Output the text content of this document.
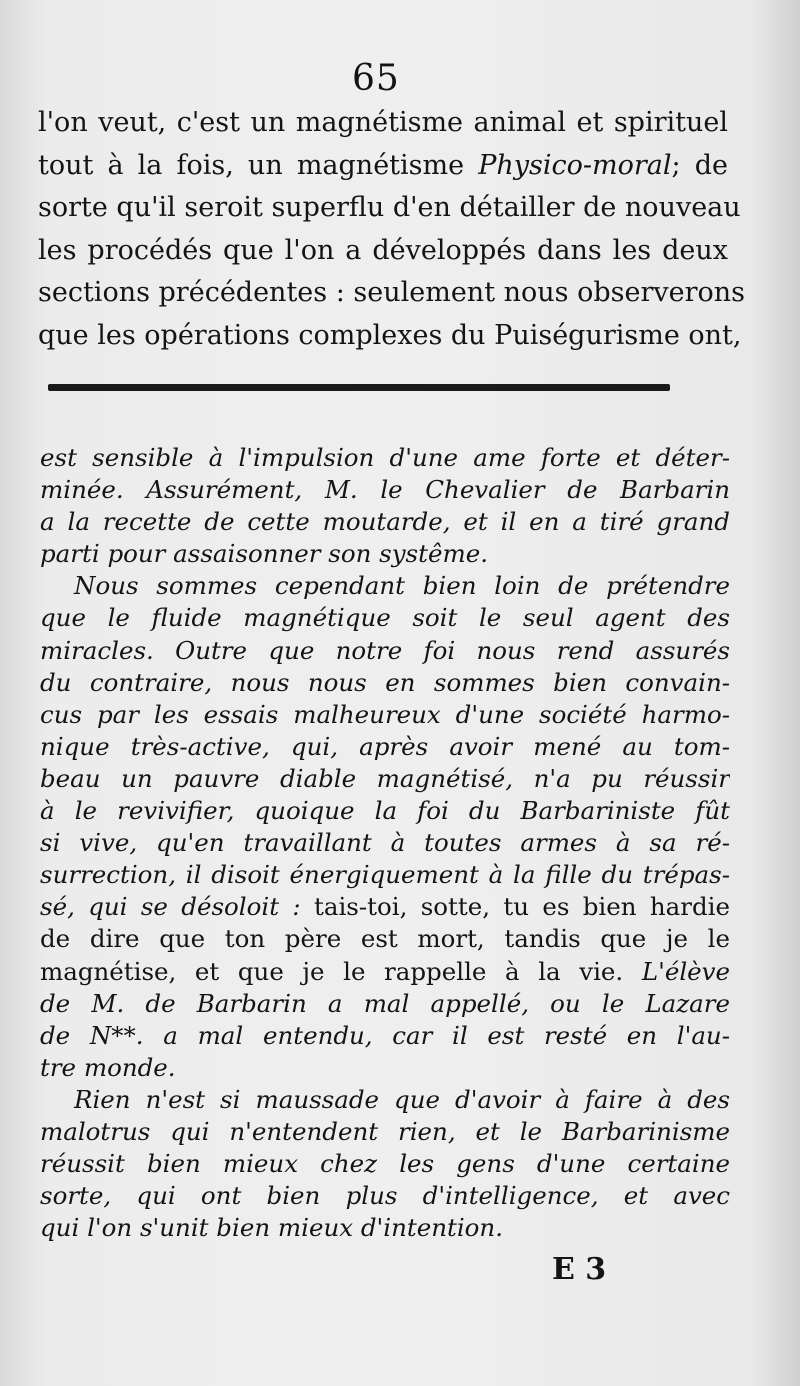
65
l'on veut, c'est un magnétisme animal et spirituel
tout à la fois, un magnétisme Physico-moral; de
sorte qu'il seroit superflu d'en détailler de nouveau
les procédés que l'on a développés dans les deux
sections précédentes : seulement nous observerons
que les opérations complexes du Puiségurisme ont,
est sensible à l'impulsion d'une ame forte et déter-
minée. Assurément, M. le Chevalier de Barbarin
a la recette de cette moutarde, et il en a tiré grand
parti pour assaisonner son systême.
Nous sommes cependant bien loin de prétendre
que le fluide magnétique soit le seul agent des
miracles. Outre que notre foi nous rend assurés
du contraire, nous nous en sommes bien convain-
cus par les essais malheureux d'une société harmo-
nique très-active, qui, après avoir mené au tom-
beau un pauvre diable magnétisé, n'a pu réussir
à le revivifier, quoique la foi du Barbariniste fût
si vive, qu'en travaillant à toutes armes à sa ré-
surrection, il disoit énergiquement à la fille du trépas-
sé, qui se désoloit : tais-toi, sotte, tu es bien hardie
de dire que ton père est mort, tandis que je le
magnétise, et que je le rappelle à la vie. L'élève
de M. de Barbarin a mal appellé, ou le Lazare
de N**. a mal entendu, car il est resté en l'au-
tre monde.
Rien n'est si maussade que d'avoir à faire à des
malotrus qui n'entendent rien, et le Barbarinisme
réussit bien mieux chez les gens d'une certaine
sorte, qui ont bien plus d'intelligence, et avec
qui l'on s'unit bien mieux d'intention.
E 3
